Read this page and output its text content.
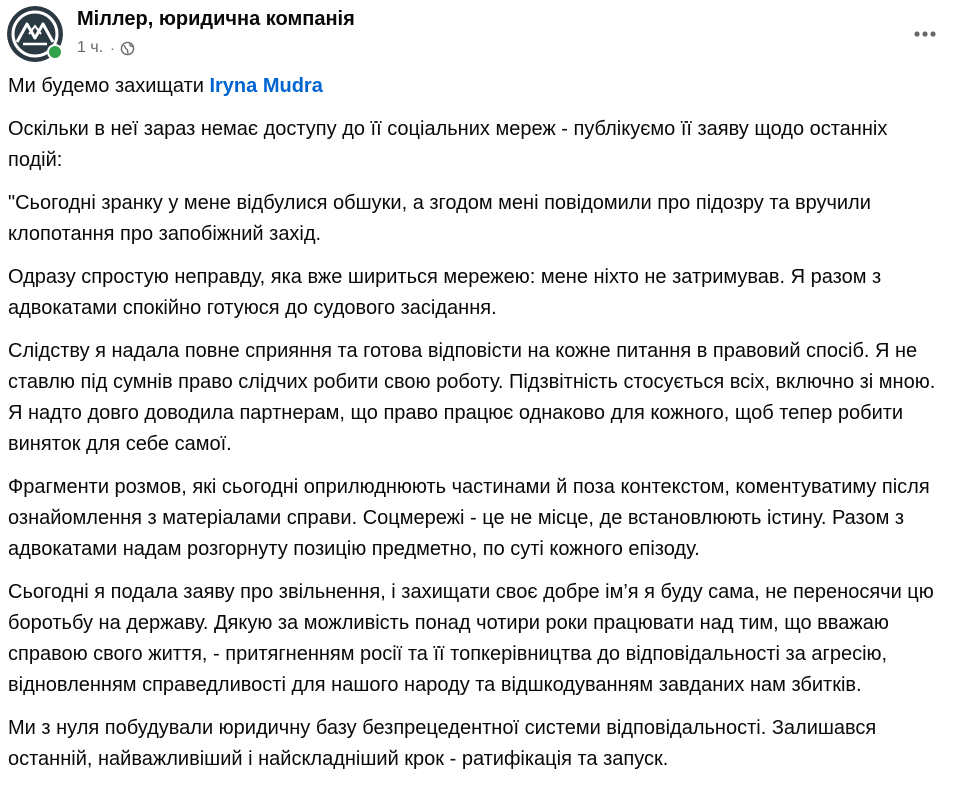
Міллер, юридична компанія
1 ч. ·

Ми будемо захищати Iryna Mudra

Оскільки в неї зараз немає доступу до її соціальних мереж - публікуємо її заяву щодо останніх подій:

"Сьогодні зранку у мене відбулися обшуки, а згодом мені повідомили про підозру та вручили клопотання про запобіжний захід.

Одразу спростую неправду, яка вже шириться мережею: мене ніхто не затримував. Я разом з адвокатами спокійно готуюся до судового засідання.

Слідству я надала повне сприяння та готова відповісти на кожне питання в правовий спосіб. Я не ставлю під сумнів право слідчих робити свою роботу. Підзвітність стосується всіх, включно зі мною. Я надто довго доводила партнерам, що право працює однаково для кожного, щоб тепер робити виняток для себе самої.

Фрагменти розмов, які сьогодні оприлюднюють частинами й поза контекстом, коментуватиму після ознайомлення з матеріалами справи. Соцмережі - це не місце, де встановлюють істину. Разом з адвокатами надам розгорнуту позицію предметно, по суті кожного епізоду.

Сьогодні я подала заяву про звільнення, і захищати своє добре ім’я я буду сама, не переносячи цю боротьбу на державу. Дякую за можливість понад чотири роки працювати над тим, що вважаю справою свого життя, - притягненням росії та її топкерівництва до відповідальності за агресію, відновленням справедливості для нашого народу та відшкодуванням завданих нам збитків.

Ми з нуля побудували юридичну базу безпрецедентної системи відповідальності. Залишався останній, найважливіший і найскладніший крок - ратифікація та запуск.
